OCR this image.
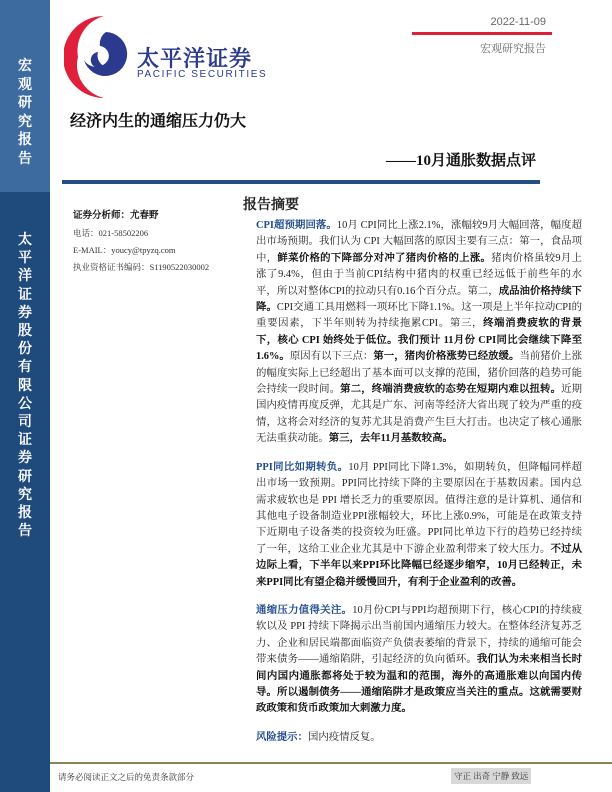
宏观研究报告
太平洋证券股份有限公司证券研究报告
太平洋证券
PACIFIC SECURITIES
2022-11-09
宏观研究报告
经济内生的通缩压力仍大
——10月通胀数据点评
证券分析师：尤春野
电话：021-58502206
E-MAIL：youcy@tpyzq.com
执业资格证书编码：S1190522030002
报告摘要

CPI超预期回落。10月 CPI同比上涨2.1%，涨幅较9月大幅回落，幅度超出市场预期。我们认为 CPI 大幅回落的原因主要有三点：第一，食品项中，鲜菜价格的下降部分对冲了猪肉价格的上涨。猪肉价格虽较9月上涨了9.4%，但由于当前CPI结构中猪肉的权重已经远低于前些年的水平，所以对整体CPI的拉动只有0.16个百分点。第二，成品油价格持续下降。CPI交通工具用燃料一项环比下降1.1%。这一项是上半年拉动CPI的重要因素，下半年则转为持续拖累CPI。第三，终端消费疲软的背景下，核心 CPI 始终处于低位。我们预计 11月份 CPI同比会继续下降至1.6%。原因有以下三点：第一，猪肉价格涨势已经放缓。当前猪价上涨的幅度实际上已经超出了基本面可以支撑的范围，猪价回落的趋势可能会持续一段时间。第二，终端消费疲软的态势在短期内难以扭转。近期国内疫情再度反弹，尤其是广东、河南等经济大省出现了较为严重的疫情，这将会对经济的复苏尤其是消费产生巨大打击。也决定了核心通胀无法重获动能。第三，去年11月基数较高。

PPI同比如期转负。10月 PPI同比下降1.3%，如期转负，但降幅同样超出市场一致预期。PPI同比持续下降的主要原因在于基数因素。国内总需求疲软也是 PPI 增长乏力的重要原因。值得注意的是计算机、通信和其他电子设备制造业PPI涨幅较大，环比上涨0.9%，可能是在政策支持下近期电子设备类的投资较为旺盛。PPI同比单边下行的趋势已经持续了一年，这给工业企业尤其是中下游企业盈利带来了较大压力。不过从边际上看，下半年以来PPI环比降幅已经逐步缩窄，10月已经转正，未来PPI同比有望企稳并缓慢回升，有利于企业盈利的改善。

通缩压力值得关注。10月份CPI与PPI均超预期下行，核心CPI的持续疲软以及 PPI 持续下降揭示出当前国内通缩压力较大。在整体经济复苏乏力、企业和居民端都面临资产负债表萎缩的背景下，持续的通缩可能会带来债务——通缩陷阱，引起经济的负向循环。我们认为未来相当长时间内国内通胀都将处于较为温和的范围，海外的高通胀难以向国内传导。所以遏制债务——通缩陷阱才是政策应当关注的重点。这就需要财政政策和货币政策加大刺激力度。

风险提示：国内疫情反复。

请务必阅读正文之后的免责条款部分	守正 出奇 宁静 致远
